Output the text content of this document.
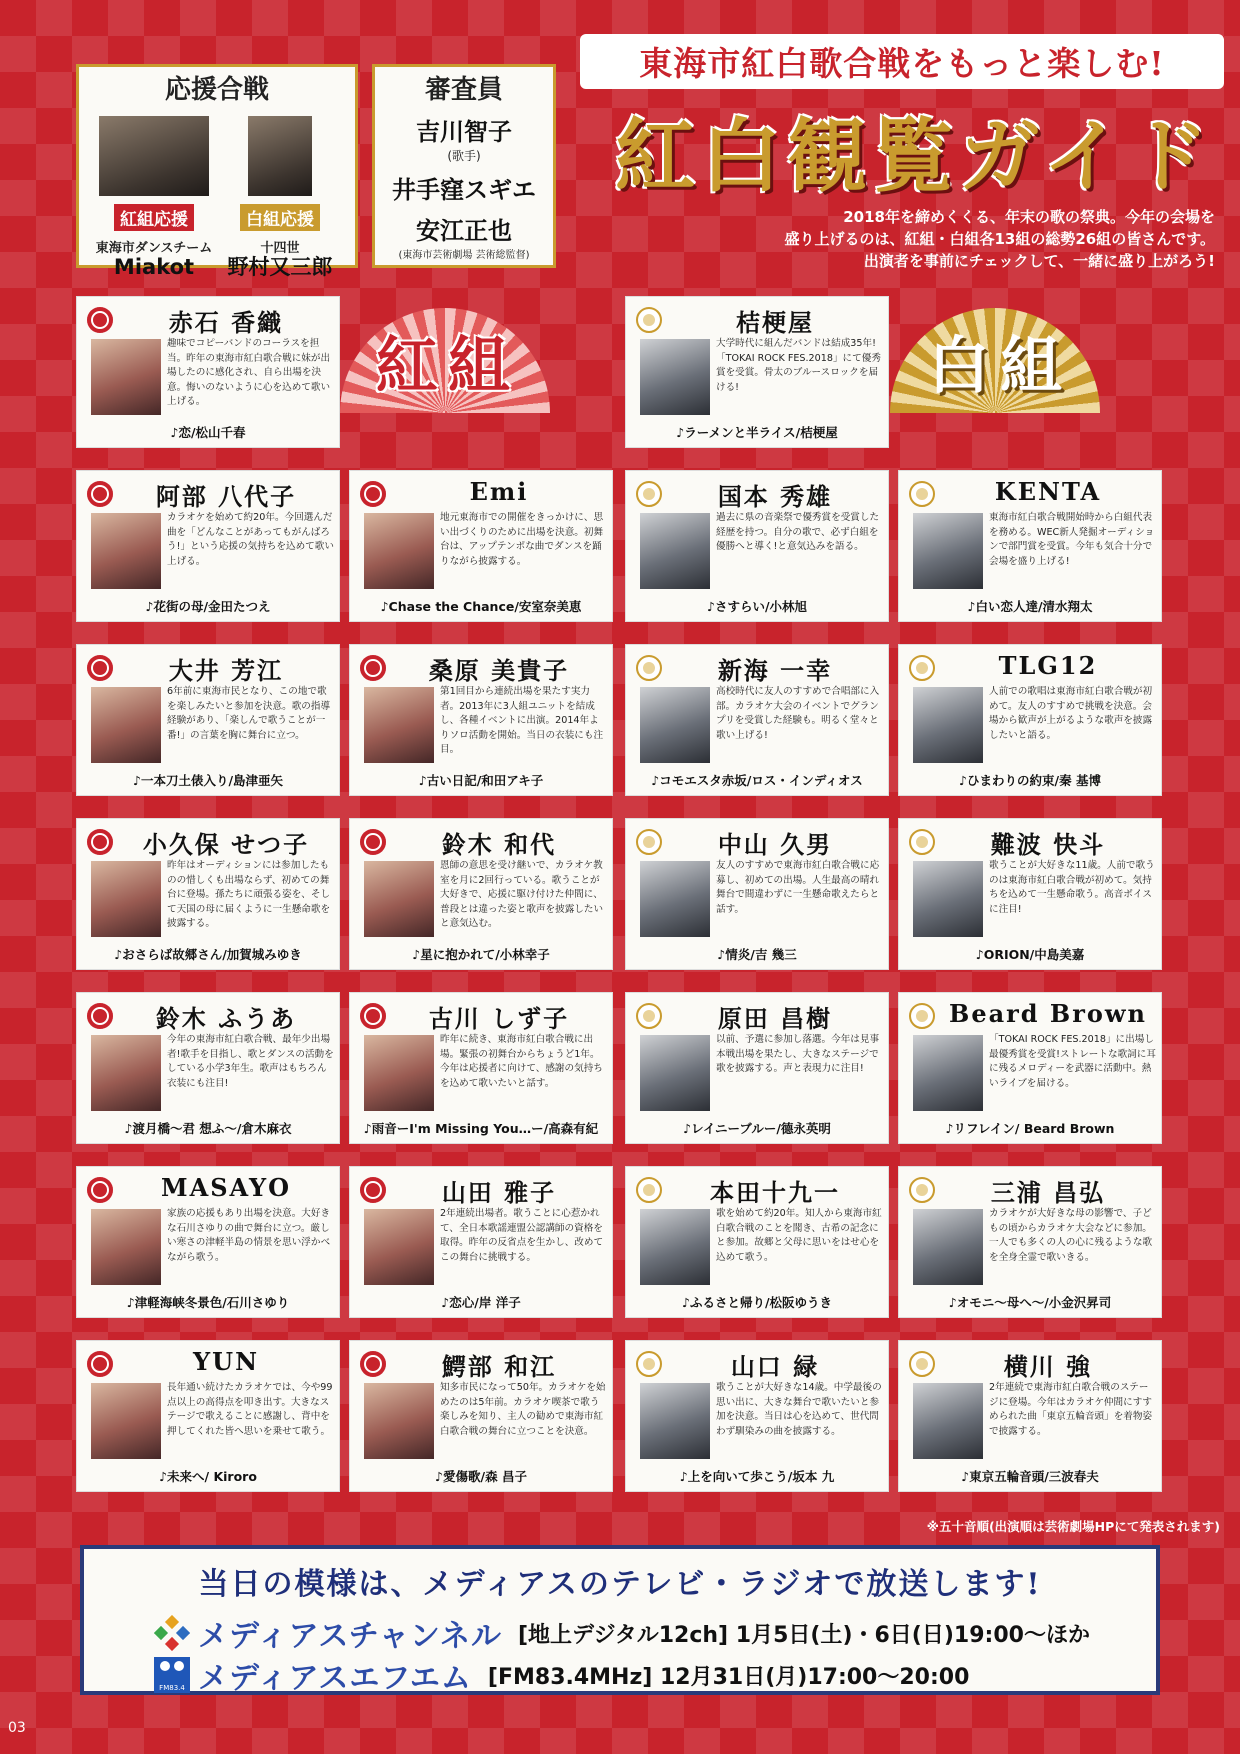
応援合戦
紅組応援
東海市ダンスチーム
Miakot
白組応援
十四世
野村又三郎
審査員
吉川智子
(歌手)
井手窪スギエ
安江正也
(東海市芸術劇場 芸術総監督)
東海市紅白歌合戦をもっと楽しむ!
紅白観覧ガイド
2018年を締めくくる、年末の歌の祭典。今年の会場を
盛り上げるのは、紅組・白組各13組の総勢26組の皆さんです。
出演者を事前にチェックして、一緒に盛り上がろう!
紅組	白組
赤石 香織
趣味でコピーバンドのコーラスを担当。昨年の東海市紅白歌合戦に妹が出場したのに感化され、自ら出場を決意。悔いのないように心を込めて歌い上げる。
♪恋/松山千春
桔梗屋
大学時代に組んだバンドは結成35年!「TOKAI ROCK FES.2018」にて優秀賞を受賞。骨太のブルースロックを届ける!
♪ラーメンと半ライス/桔梗屋
阿部 八代子
カラオケを始めて約20年。今回選んだ曲を「どんなことがあってもがんばろう!」という応援の気持ちを込めて歌い上げる。
♪花街の母/金田たつえ
Emi
地元東海市での開催をきっかけに、思い出づくりのために出場を決意。初舞台は、アップテンポな曲でダンスを踊りながら披露する。
♪Chase the Chance/安室奈美恵
国本 秀雄
過去に県の音楽祭で優秀賞を受賞した経歴を持つ。自分の歌で、必ず白組を優勝へと導く!と意気込みを語る。
♪さすらい/小林旭
KENTA
東海市紅白歌合戦開始時から白組代表を務める。WEC新人発掘オーディションで部門賞を受賞。今年も気合十分で会場を盛り上げる!
♪白い恋人達/清水翔太
大井 芳江
6年前に東海市民となり、この地で歌を楽しみたいと参加を決意。歌の指導経験があり、「楽しんで歌うことが一番!」の言葉を胸に舞台に立つ。
♪一本刀土俵入り/島津亜矢
桑原 美貴子
第1回目から連続出場を果たす実力者。2013年に3人組ユニットを結成し、各種イベントに出演。2014年よりソロ活動を開始。当日の衣装にも注目。
♪古い日記/和田アキ子
新海 一幸
高校時代に友人のすすめで合唱部に入部。カラオケ大会のイベントでグランプリを受賞した経験も。明るく堂々と歌い上げる!
♪コモエスタ赤坂/ロス・インディオス
TLG12
人前での歌唱は東海市紅白歌合戦が初めて。友人のすすめで挑戦を決意。会場から歓声が上がるような歌声を披露したいと語る。
♪ひまわりの約束/秦 基博
小久保 せつ子
昨年はオーディションには参加したものの惜しくも出場ならず、初めての舞台に登場。孫たちに頑張る姿を、そして天国の母に届くように一生懸命歌を披露する。
♪おさらば故郷さん/加賀城みゆき
鈴木 和代
恩師の意思を受け継いで、カラオケ教室を月に2回行っている。歌うことが大好きで、応援に駆け付けた仲間に、普段とは違った姿と歌声を披露したいと意気込む。
♪星に抱かれて/小林幸子
中山 久男
友人のすすめで東海市紅白歌合戦に応募し、初めての出場。人生最高の晴れ舞台で間違わずに一生懸命歌えたらと話す。
♪情炎/吉 幾三
難波 快斗
歌うことが大好きな11歳。人前で歌うのは東海市紅白歌合戦が初めて。気持ちを込めて一生懸命歌う。高音ボイスに注目!
♪ORION/中島美嘉
鈴木 ふうあ
今年の東海市紅白歌合戦、最年少出場者!歌手を目指し、歌とダンスの活動をしている小学3年生。歌声はもちろん衣装にも注目!
♪渡月橋〜君 想ふ〜/倉木麻衣
古川 しず子
昨年に続き、東海市紅白歌合戦に出場。緊張の初舞台からちょうど1年。今年は応援者に向けて、感謝の気持ちを込めて歌いたいと話す。
♪雨音ーI'm Missing You…ー/高森有紀
原田 昌樹
以前、予選に参加し落選。今年は見事本戦出場を果たし、大きなステージで歌を披露する。声と表現力に注目!
♪レイニーブルー/德永英明
Beard Brown
「TOKAI ROCK FES.2018」に出場し最優秀賞を受賞!ストレートな歌詞に耳に残るメロディーを武器に活動中。熱いライブを届ける。
♪リフレイン/ Beard Brown
MASAYO
家族の応援もあり出場を決意。大好きな石川さゆりの曲で舞台に立つ。厳しい寒さの津軽半島の情景を思い浮かべながら歌う。
♪津軽海峡冬景色/石川さゆり
山田 雅子
2年連続出場者。歌うことに心惹かれて、全日本歌謡連盟公認講師の資格を取得。昨年の反省点を生かし、改めてこの舞台に挑戦する。
♪恋心/岸 洋子
本田十九一
歌を始めて約20年。知人から東海市紅白歌合戦のことを聞き、古希の記念にと参加。故郷と父母に思いをはせ心を込めて歌う。
♪ふるさと帰り/松阪ゆうき
三浦 昌弘
カラオケが大好きな母の影響で、子どもの頃からカラオケ大会などに参加。一人でも多くの人の心に残るような歌を全身全霊で歌いきる。
♪オモニ〜母へ〜/小金沢昇司
YUN
長年通い続けたカラオケでは、今や99点以上の高得点を叩き出す。大きなステージで歌えることに感謝し、背中を押してくれた皆へ思いを乗せて歌う。
♪未来へ/ Kiroro
鰐部 和江
知多市民になって50年。カラオケを始めたのは5年前。カラオケ喫茶で歌う楽しみを知り、主人の勧めで東海市紅白歌合戦の舞台に立つことを決意。
♪愛傷歌/森 昌子
山口 緑
歌うことが大好きな14歳。中学最後の思い出に、大きな舞台で歌いたいと参加を決意。当日は心を込めて、世代問わず馴染みの曲を披露する。
♪上を向いて歩こう/坂本 九
横川 強
2年連続で東海市紅白歌合戦のステージに登場。今年はカラオケ仲間にすすめられた曲「東京五輪音頭」を着物姿で披露する。
♪東京五輪音頭/三波春夫
※五十音順(出演順は芸術劇場HPにて発表されます)
当日の模様は、メディアスのテレビ・ラジオで放送します!
メディアスチャンネル [地上デジタル12ch] 1月5日(土)・6日(日)19:00〜ほか
FM83.4 メディアスエフエム [FM83.4MHz] 12月31日(月)17:00〜20:00
03
